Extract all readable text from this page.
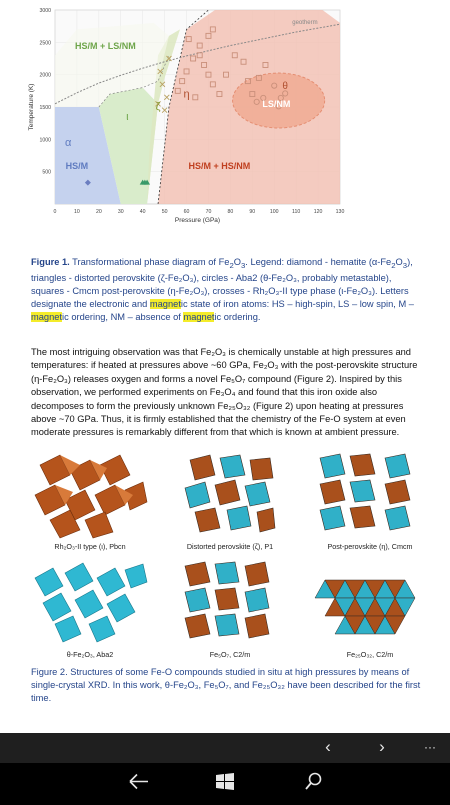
HS/M + LS/NM
ι
ζ
η
α
HS/M
θ
LS/NM
HS/M + HS/NM
geotherm
0	10	20	30	40	50	60	70	80	90	100	110	120	130
500
1000
1500
2000
2500
3000
Pressure (GPa)
Temperature (K)
Figure 1. Transformational phase diagram of $Fe_2O_3$. Legend: diamond - hematite $(\alpha-Fe_2O_3)$,
triangles - distorted perovskite (ζ-Fe₂O₃), circles - Aba2 (θ-Fe₂O₃, probably metastable),
squares - Cmcm post-perovskite (η-Fe₂O₃), crosses - Rh₂O₃-II type phase (ι-Fe₂O₃). Letters
designate the electronic and magnetic state of iron atoms: HS – high-spin, LS – low spin, M –
magnetic ordering, NM – absence of magnetic ordering.
The most intriguing observation was that Fe₂O₃ is chemically unstable at high pressures and
temperatures: if heated at pressures above ~60 GPa, Fe₂O₃ with the post-perovskite structure
(η-Fe₂O₃) releases oxygen and forms a novel Fe₅O₇ compound (Figure 2). Inspired by this
observation, we performed experiments on Fe₃O₄ and found that this iron oxide also
decomposes to form the previously unknown Fe₂₅O₃₂ (Figure 2) upon heating at pressures
above ~70 GPa. Thus, it is firmly established that the chemistry of the Fe-O system at even
moderate pressures is remarkably different from that which is known at ambient pressure.
Rh₂O₃-II type (ι), Pbcn	Distorted perovskite (ζ), P1	Post-perovskite (η), Cmcm
θ-Fe₂O₃, Aba2	Fe₅O₇, C2/m	Fe₂₅O₃₂, C2/m
Figure 2. Structures of some Fe-O compounds studied in situ at high pressures by means of
single-crystal XRD. In this work, θ-Fe₂O₃, Fe₅O₇, and Fe₂₅O₃₂ have been described for the first
time.
‹	›	···
